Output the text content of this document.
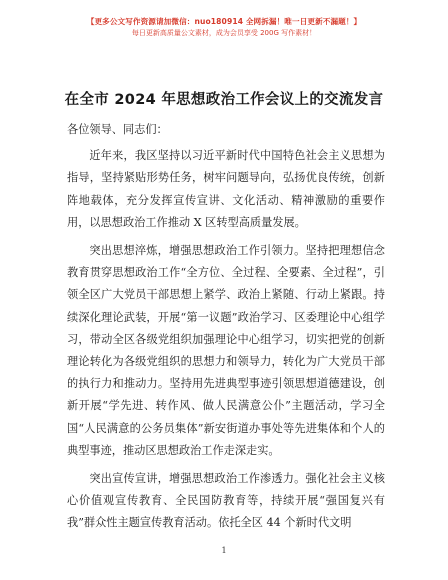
【更多公文写作资源请加微信：nuo180914 全网拆漏！唯一日更新不漏题！】
每日更新高质量公文素材，成为会员享受 200G 写作素材！
在全市 2024 年思想政治工作会议上的交流发言

各位领导、同志们：

近年来，我区坚持以习近平新时代中国特色社会主义思想为指导，坚持紧贴形势任务，树牢问题导向，弘扬优良传统，创新阵地载体，充分发挥宣传宣讲、文化活动、精神激励的重要作用，以思想政治工作推动 X 区转型高质量发展。

突出思想淬炼，增强思想政治工作引领力。坚持把理想信念教育贯穿思想政治工作“全方位、全过程、全要素、全过程”，引领全区广大党员干部思想上紧学、政治上紧随、行动上紧跟。持续深化理论武装，开展“第一议题”政治学习、区委理论中心组学习，带动全区各级党组织加强理论中心组学习，切实把党的创新理论转化为各级党组织的思想力和领导力，转化为广大党员干部的执行力和推动力。坚持用先进典型事迹引领思想道德建设，创新开展“学先进、转作风、做人民满意公仆”主题活动，学习全国“人民满意的公务员集体”新安街道办事处等先进集体和个人的典型事迹，推动区思想政治工作走深走实。

突出宣传宣讲，增强思想政治工作渗透力。强化社会主义核心价值观宣传教育、全民国防教育等，持续开展“强国复兴有我”群众性主题宣传教育活动。依托全区 44 个新时代文明

1
